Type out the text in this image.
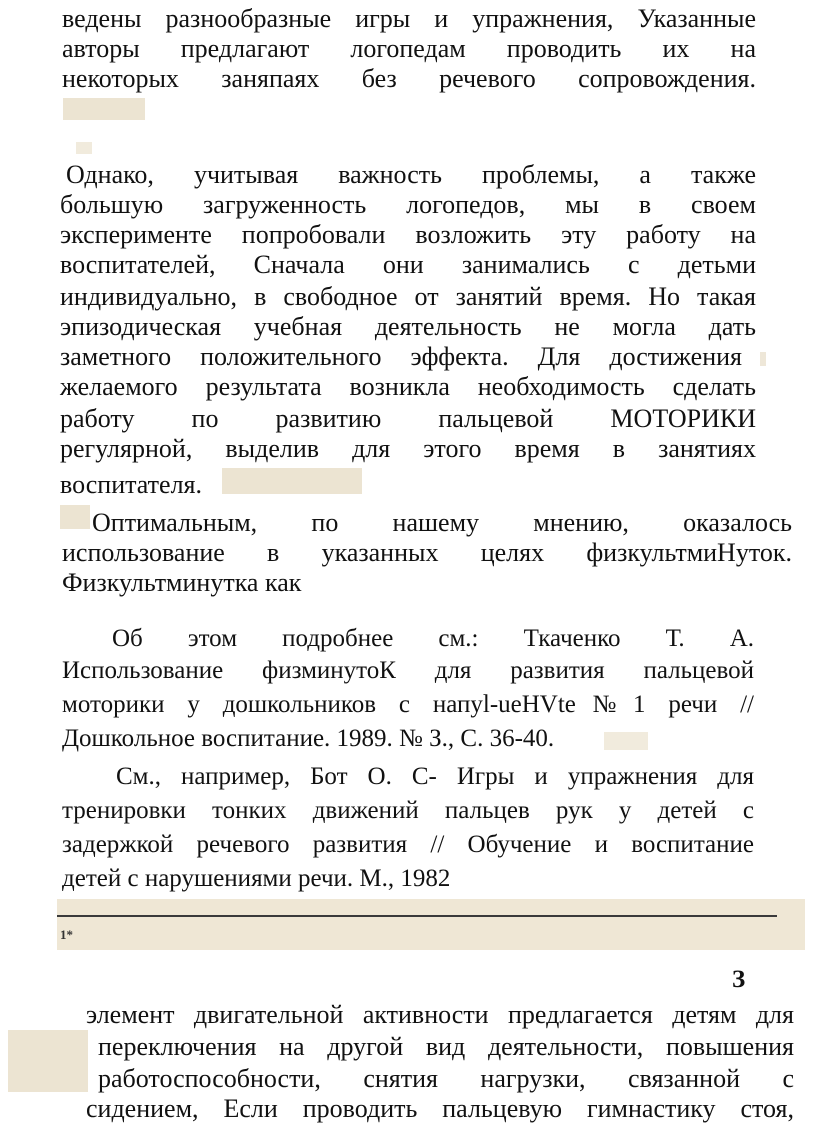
ведены разнообразные игры и упражнения, Указанные
авторы предлагают логопедам проводить их на
некоторых заняпаях без речевого сопровождения.
Однако, учитывая важность проблемы, а также
большую загруженность логопедов, мы в своем
эксперименте попробовали возложить эту работу на
воспитателей, Сначала они занимались с детьми
индивидуально, в свободное от занятий время. Но такая
эпизодическая учебная деятельность не могла дать
заметного положительного эффекта. Для достижения
желаемого результата возникла необходимость сделать
работу по развитию пальцевой МОТОРИКИ
регулярной, выделив для этого время в занятиях
воспитателя.
Оптимальным, по нашему мнению, оказалось
использование в указанных целях физкультмиНуток.
Физкультминутка как
Об этом подробнее см.: Ткаченко Т. А.
Использование физминутоК для развития пальцевой
моторики у дошкольников с напуl-ueHVte№1 речи //
Дошкольное воспитание. 1989. № З., С. 36-40.
См., например, Бот О. С- Игры и упражнения для
тренировки тонких движений пальцев рук у детей с
задержкой речевого развития // Обучение и воспитание
детей с нарушениями речи. М., 1982
1*
З
элемент двигательной активности предлагается детям для
переключения на другой вид деятельности, повышения
работоспособности, снятия нагрузки, связанной с
сидением, Если проводить пальцевую гимнастику стоя,
